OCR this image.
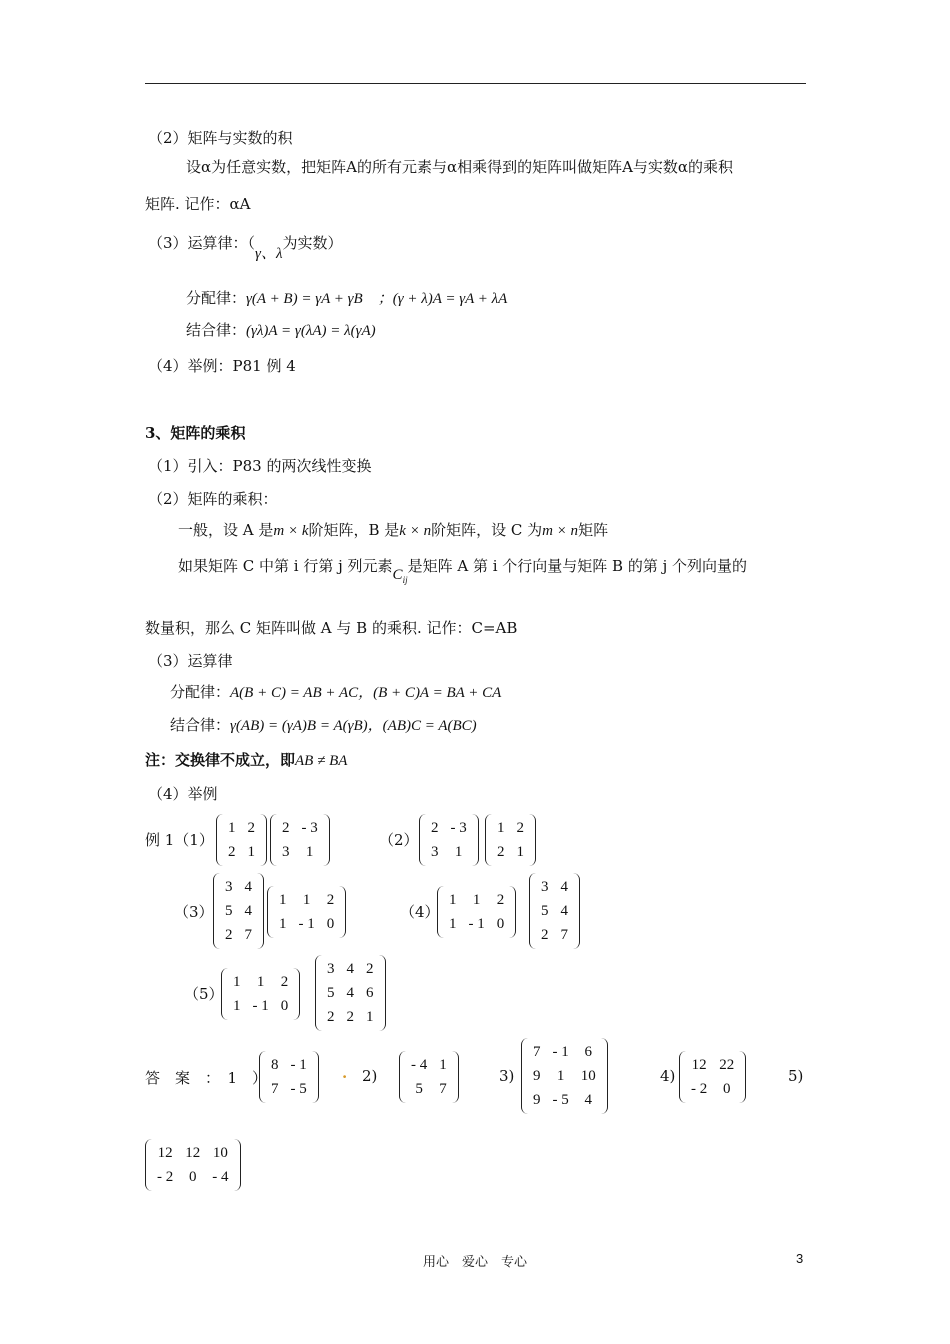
（2）矩阵与实数的积
设α为任意实数，把矩阵A的所有元素与α相乘得到的矩阵叫做矩阵A与实数α的乘积
矩阵. 记作：αA
（3）运算律：（γ、λ为实数）
分配律：γ(A + B) = γA + γB　；(γ + λ)A = γA + λA
结合律：(γλ)A = γ(λA) = λ(γA)
（4）举例：P81 例 4
3、矩阵的乘积
（1）引入：P83 的两次线性变换
（2）矩阵的乘积：
一般，设 A 是m × k阶矩阵，B 是k × n阶矩阵，设 C 为m × n矩阵
如果矩阵 C 中第 i 行第 j 列元素$C_{ij}$是矩阵 A 第 i 个行向量与矩阵 B 的第 j 个列向量的
数量积，那么 C 矩阵叫做 A 与 B 的乘积. 记作：C=AB
（3）运算律
分配律：A(B + C) = AB + AC，(B + C)A = BA + CA
结合律：γ(AB) = (γA)B = A(γB)，(AB)C = A(BC)
注：交换律不成立，即AB ≠ BA
（4）举例
例 1（1）
1	2
2	1
2	- 3
3	1
（2）
2	- 3
3	1
1	2
2	1
（3）
3	4
5	4
2	7
1	1	2
1	- 1	0
（4）
1	1	2
1	- 1	0
3	4
5	4
2	7
（5）
1	1	2
1	- 1	0
3	4	2
5	4	6
2	2	1
答　案　：　1　）
8	- 1
7	- 5
. 2)
- 4	1
5	7
3)
7	- 1	6
9	1	10
9	- 5	4
4)
12	22
- 2	0
5)
12	12	10
- 2	0	- 4
用心　爱心　专心	3
